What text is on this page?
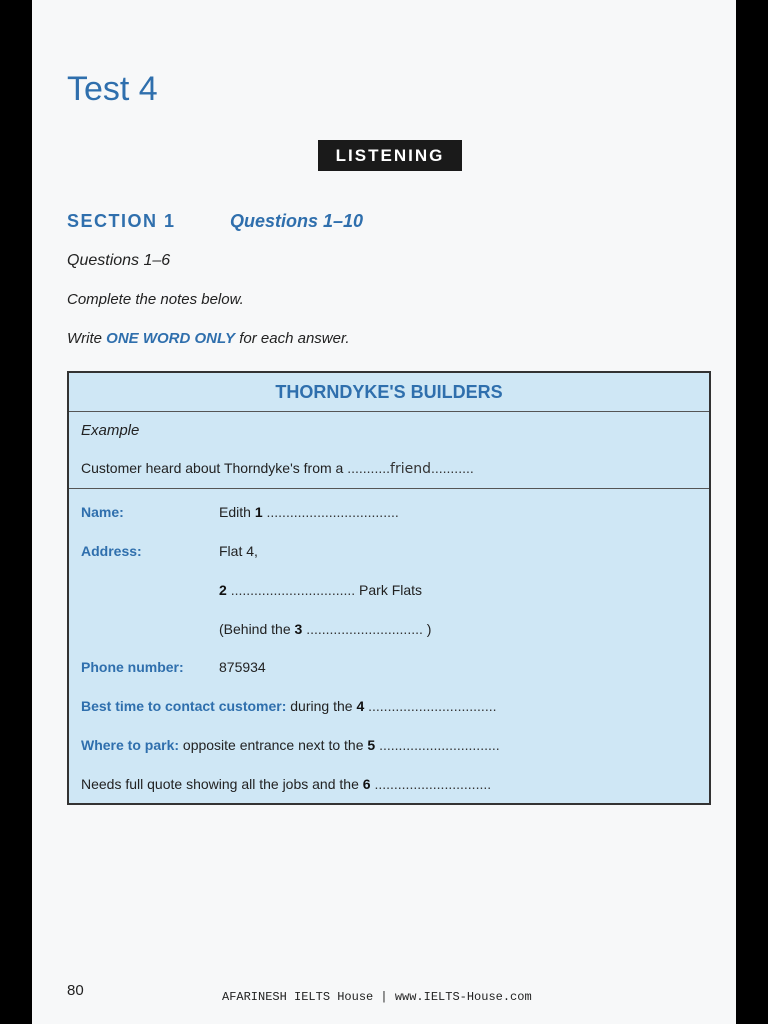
Test 4
LISTENING
SECTION 1	Questions 1–10
Questions 1–6
Complete the notes below.
Write ONE WORD ONLY for each answer.
THORNDYKE'S BUILDERS
Example
Customer heard about Thorndyke's from a ...........friend...........
Name:	Edith 1 ..................................
Address:	Flat 4,
2 ................................ Park Flats
(Behind the 3 .............................. )
Phone number:	875934
Best time to contact customer: during the 4 .................................
Where to park: opposite entrance next to the 5 ...............................
Needs full quote showing all the jobs and the 6 ..............................
80	AFARINESH IELTS House | www.IELTS-House.com
